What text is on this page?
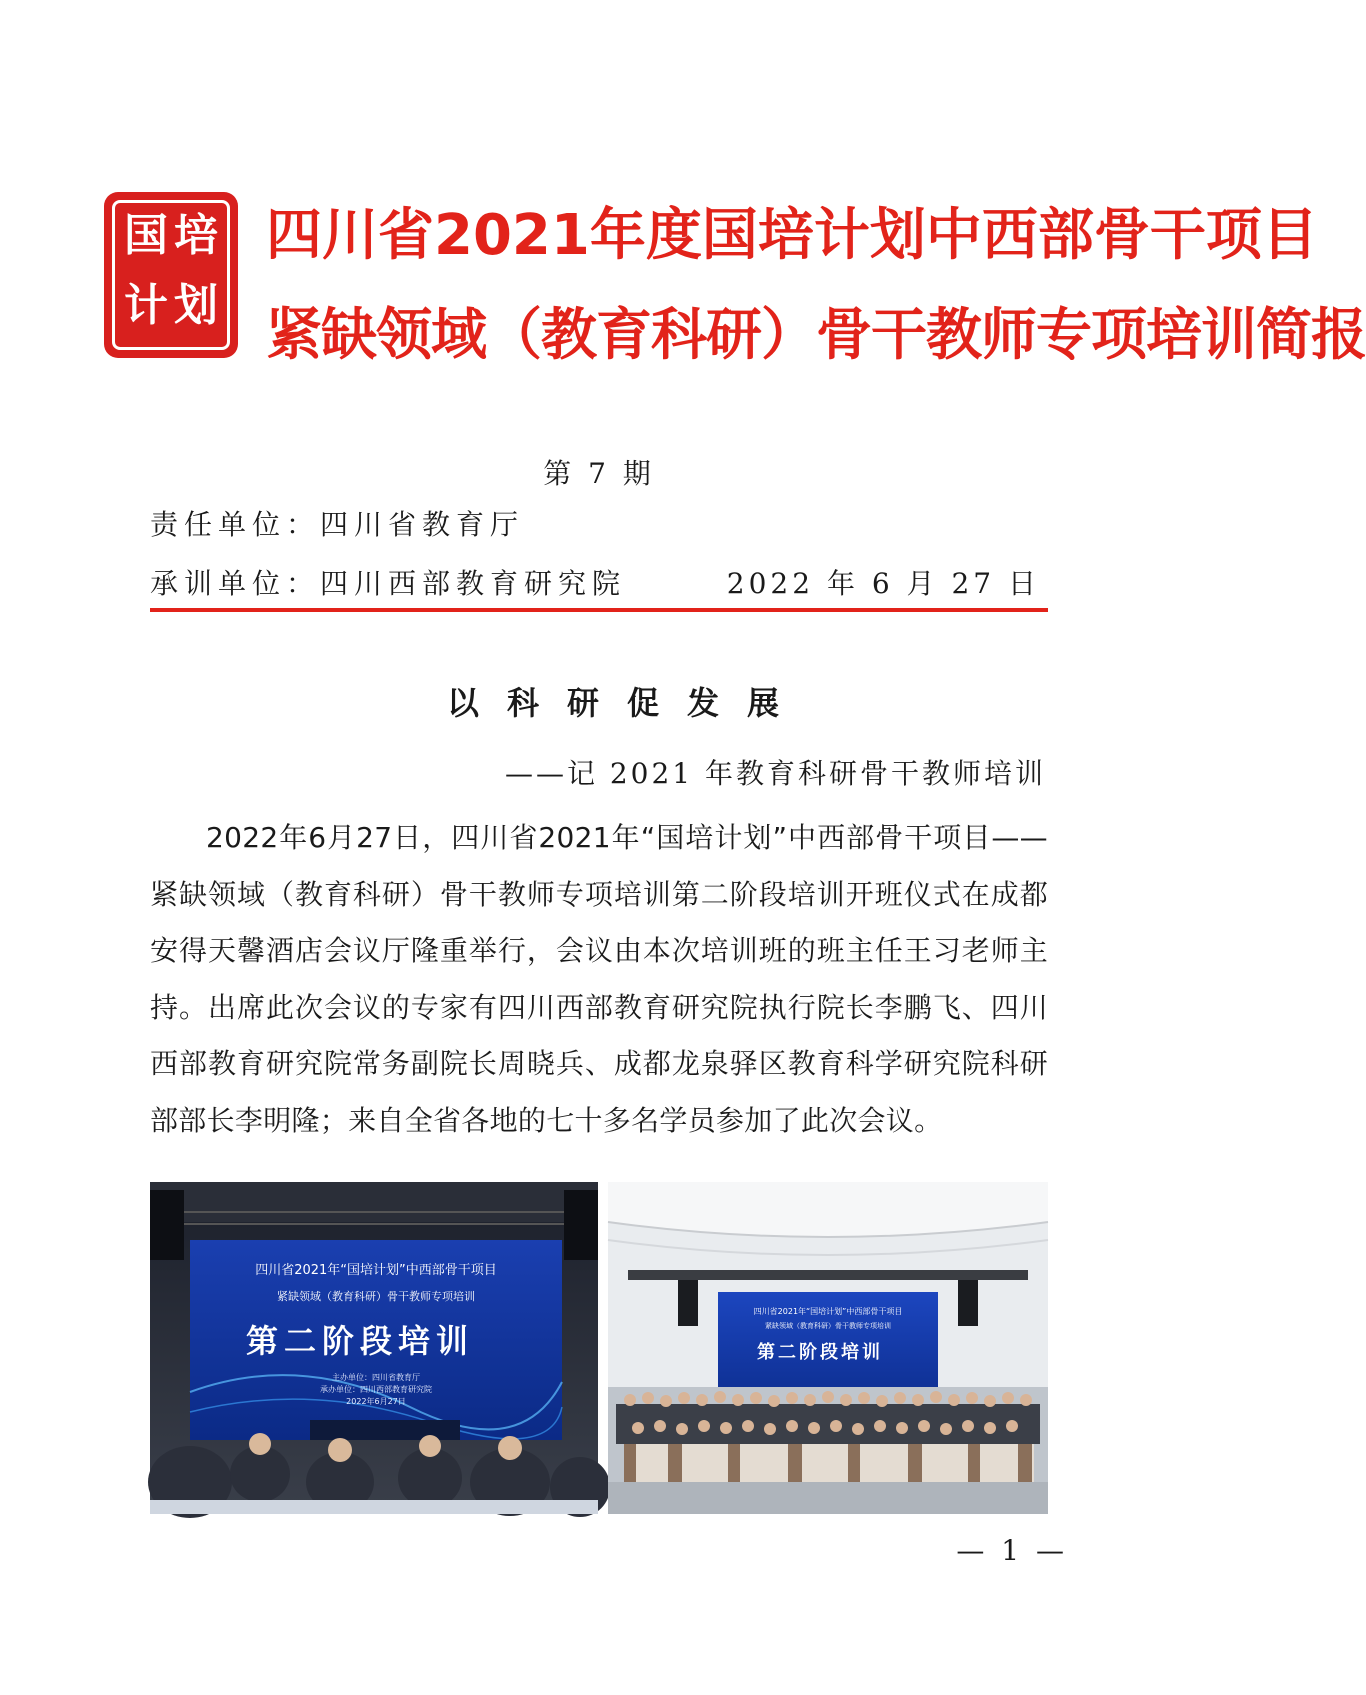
国 培
计 划
四川省2021年度国培计划中西部骨干项目
紧缺领域（教育科研）骨干教师专项培训简报
第 7 期
责任单位：四川省教育厅
承训单位：四川西部教育研究院	2022 年 6 月 27 日
以科研促发展
——记 2021 年教育科研骨干教师培训
2022年6月27日，四川省2021年“国培计划”中西部骨干项目——紧缺领域（教育科研）骨干教师专项培训第二阶段培训开班仪式在成都安得天馨酒店会议厅隆重举行，会议由本次培训班的班主任王习老师主持。出席此次会议的专家有四川西部教育研究院执行院长李鹏飞、四川西部教育研究院常务副院长周晓兵、成都龙泉驿区教育科学研究院科研部部长李明隆；来自全省各地的七十多名学员参加了此次会议。
四川省2021年“国培计划”中西部骨干项目
紧缺领域（教育科研）骨干教师专项培训
第二阶段培训
主办单位：四川省教育厅
承办单位：四川西部教育研究院
2022年6月27日
四川省2021年“国培计划”中西部骨干项目
紧缺领域（教育科研）骨干教师专项培训
第二阶段培训
— 1 —
